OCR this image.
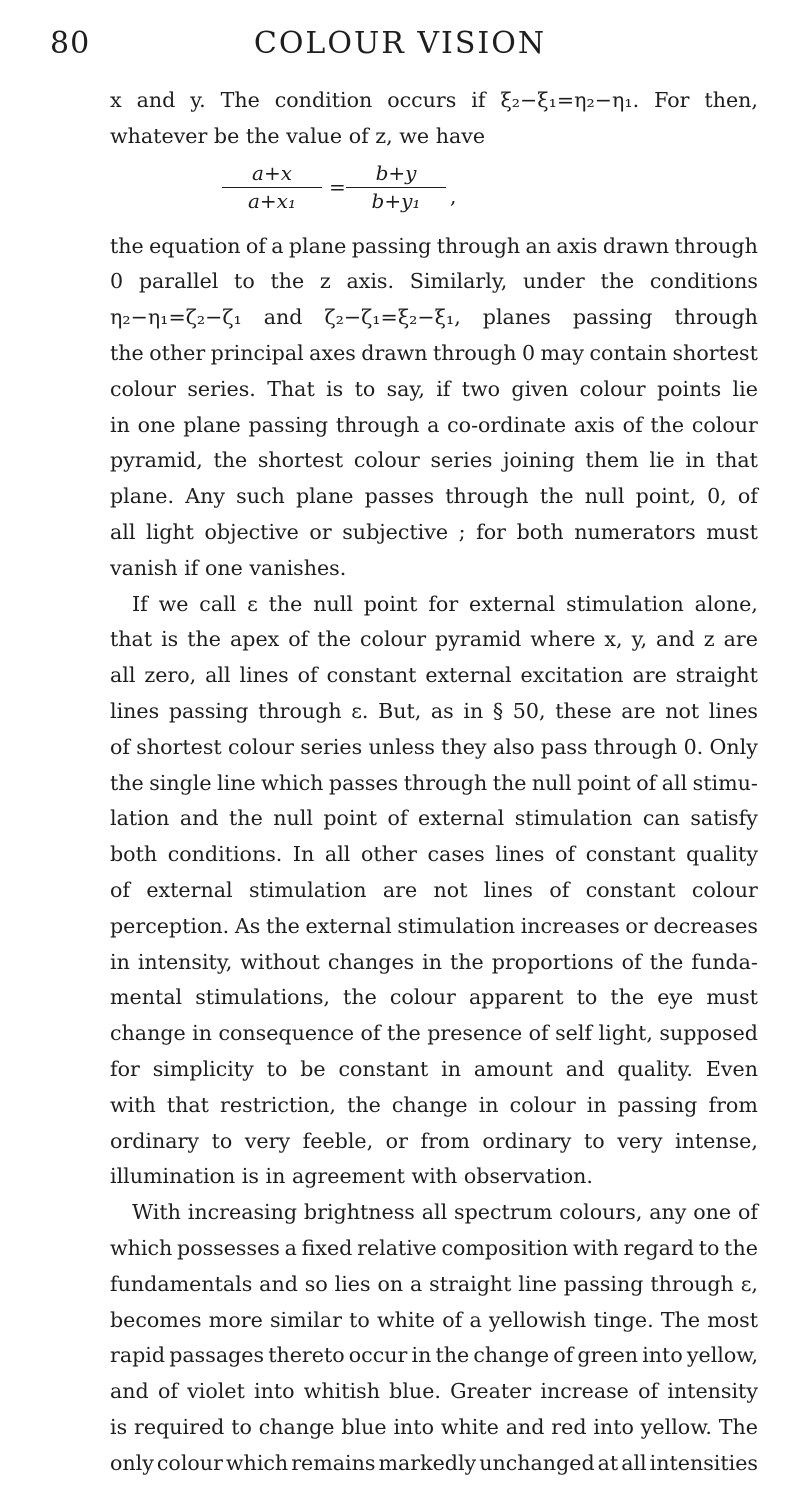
80	COLOUR VISION
x and y. The condition occurs if ξ₂−ξ₁=η₂−η₁. For then,
whatever be the value of z, we have
$\frac{a+x}{\text{a+x₁}} = \frac{b+y}{\text{b+y₁}}$ ,
the equation of a plane passing through an axis drawn through
0 parallel to the z axis. Similarly, under the conditions
η₂−η₁=ζ₂−ζ₁ and ζ₂−ζ₁=ξ₂−ξ₁, planes passing through
the other principal axes drawn through 0 may contain shortest
colour series. That is to say, if two given colour points lie
in one plane passing through a co-ordinate axis of the colour
pyramid, the shortest colour series joining them lie in that
plane. Any such plane passes through the null point, 0, of
all light objective or subjective ; for both numerators must
vanish if one vanishes.
If we call ε the null point for external stimulation alone,
that is the apex of the colour pyramid where x, y, and z are
all zero, all lines of constant external excitation are straight
lines passing through ε. But, as in § 50, these are not lines
of shortest colour series unless they also pass through 0. Only
the single line which passes through the null point of all stimu-
lation and the null point of external stimulation can satisfy
both conditions. In all other cases lines of constant quality
of external stimulation are not lines of constant colour
perception. As the external stimulation increases or decreases
in intensity, without changes in the proportions of the funda-
mental stimulations, the colour apparent to the eye must
change in consequence of the presence of self light, supposed
for simplicity to be constant in amount and quality. Even
with that restriction, the change in colour in passing from
ordinary to very feeble, or from ordinary to very intense,
illumination is in agreement with observation.
With increasing brightness all spectrum colours, any one of
which possesses a fixed relative composition with regard to the
fundamentals and so lies on a straight line passing through ε,
becomes more similar to white of a yellowish tinge. The most
rapid passages thereto occur in the change of green into yellow,
and of violet into whitish blue. Greater increase of intensity
is required to change blue into white and red into yellow. The
only colour which remains markedly unchanged at all intensities
